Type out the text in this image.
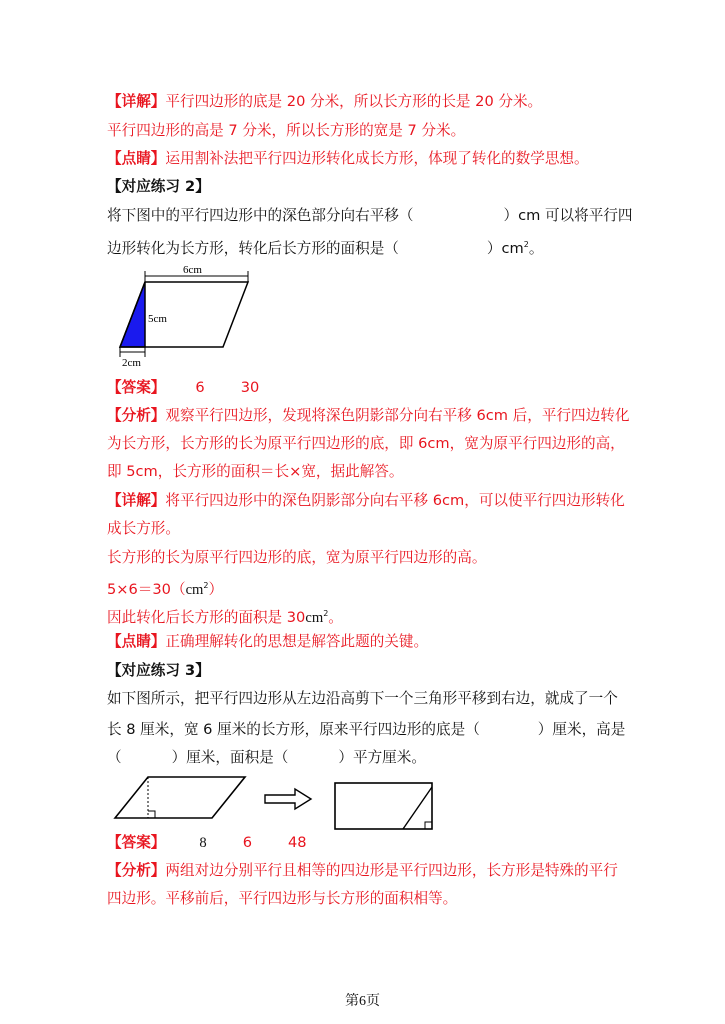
【详解】平行四边形的底是 20 分米，所以长方形的长是 20 分米。
平行四边形的高是 7 分米，所以长方形的宽是 7 分米。
【点睛】运用割补法把平行四边形转化成长方形，体现了转化的数学思想。
【对应练习 2】
将下图中的平行四边形中的深色部分向右平移（	）cm 可以将平行四
边形转化为长方形，转化后长方形的面积是（	）$cm^2$。
6cm
5cm
2cm
【答案】 6 30
【分析】观察平行四边形，发现将深色阴影部分向右平移 6cm 后，平行四边转化
为长方形，长方形的长为原平行四边形的底，即 6cm，宽为原平行四边形的高，
即 5cm，长方形的面积＝长×宽，据此解答。
【详解】将平行四边形中的深色阴影部分向右平移 6cm，可以使平行四边形转化
成长方形。
长方形的长为原平行四边形的底，宽为原平行四边形的高。
$5\times 6=30(cm^2)$
因此转化后长方形的面积是 $30cm^2$。
【点睛】正确理解转化的思想是解答此题的关键。
【对应练习 3】
如下图所示，把平行四边形从左边沿高剪下一个三角形平移到右边，就成了一个
长 8 厘米，宽 6 厘米的长方形，原来平行四边形的底是（	）厘米，高是
（	）厘米，面积是（	）平方厘米。
【答案】 8 6 48
【分析】两组对边分别平行且相等的四边形是平行四边形，长方形是特殊的平行
四边形。平移前后，平行四边形与长方形的面积相等。
第6页
